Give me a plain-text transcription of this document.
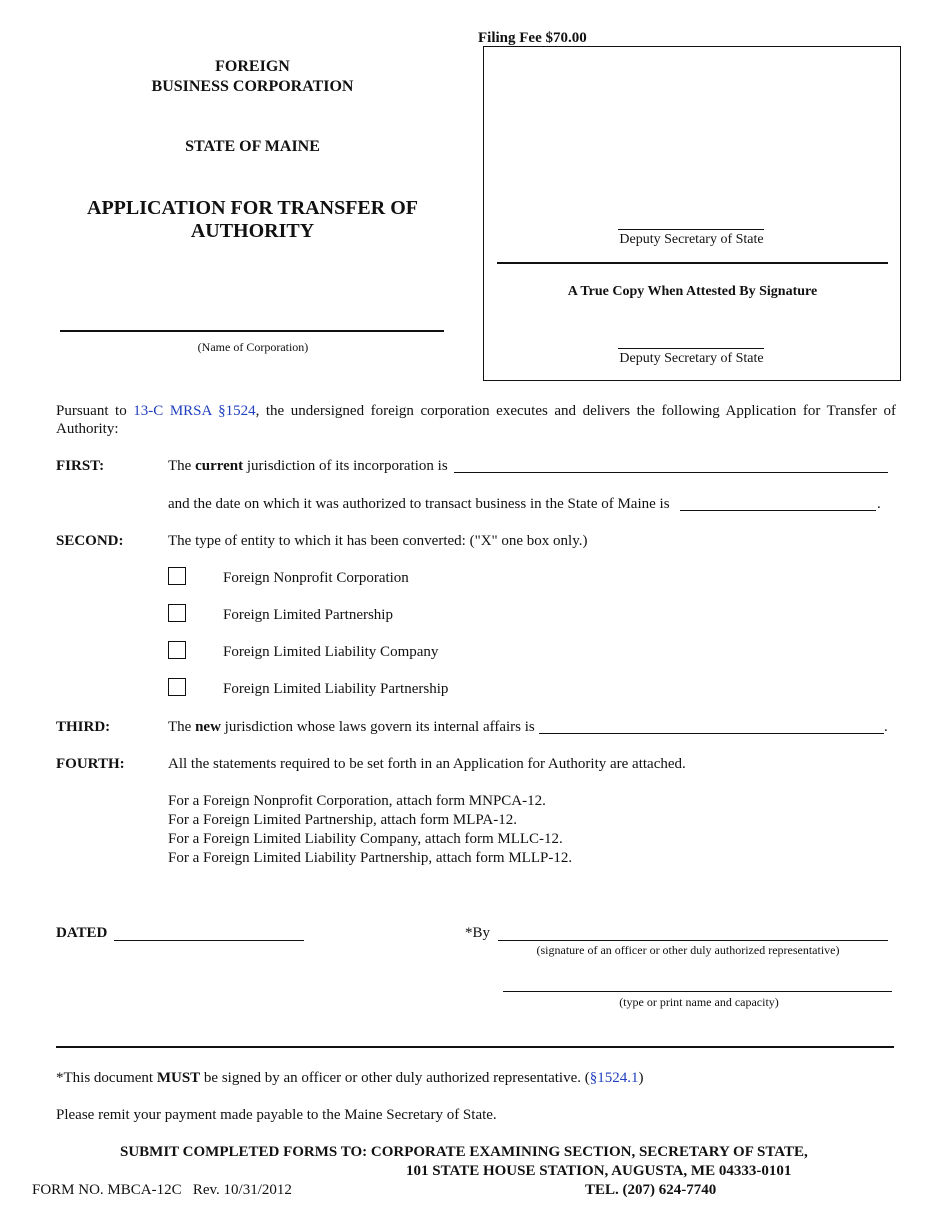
Filing Fee $70.00
FOREIGN
BUSINESS CORPORATION
STATE OF MAINE
APPLICATION FOR TRANSFER OF
AUTHORITY
(Name of Corporation)
Deputy Secretary of State
A True Copy When Attested By Signature
Deputy Secretary of State
Pursuant to 13-C MRSA §1524, the undersigned foreign corporation executes and delivers the following Application for Transfer of
Authority:
FIRST:	The current jurisdiction of its incorporation is
and the date on which it was authorized to transact business in the State of Maine is	.
SECOND:	The type of entity to which it has been converted: ("X" one box only.)
Foreign Nonprofit Corporation
Foreign Limited Partnership
Foreign Limited Liability Company
Foreign Limited Liability Partnership
THIRD:	The new jurisdiction whose laws govern its internal affairs is	.
FOURTH:	All the statements required to be set forth in an Application for Authority are attached.
For a Foreign Nonprofit Corporation, attach form MNPCA-12.
For a Foreign Limited Partnership, attach form MLPA-12.
For a Foreign Limited Liability Company, attach form MLLC-12.
For a Foreign Limited Liability Partnership, attach form MLLP-12.
DATED	*By
(signature of an officer or other duly authorized representative)
(type or print name and capacity)
*This document MUST be signed by an officer or other duly authorized representative. (§1524.1)
Please remit your payment made payable to the Maine Secretary of State.
SUBMIT COMPLETED FORMS TO: CORPORATE EXAMINING SECTION, SECRETARY OF STATE,
101 STATE HOUSE STATION, AUGUSTA, ME 04333-0101
TEL. (207) 624-7740
FORM NO. MBCA-12C   Rev. 10/31/2012
